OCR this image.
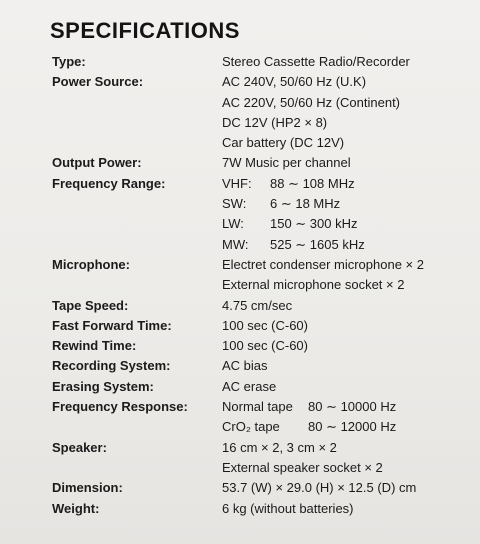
SPECIFICATIONS
Type:	Stereo Cassette Radio/Recorder
Power Source:	AC 240V, 50/60 Hz (U.K)
AC 220V, 50/60 Hz (Continent)
DC 12V (HP2 × 8)
Car battery (DC 12V)
Output Power:	7W Music per channel
Frequency Range:	VHF:	88 ∼ 108 MHz
SW:	6 ∼ 18 MHz
LW:	150 ∼ 300 kHz
MW:	525 ∼ 1605 kHz
Microphone:	Electret condenser microphone × 2
External microphone socket × 2
Tape Speed:	4.75 cm/sec
Fast Forward Time:	100 sec (C-60)
Rewind Time:	100 sec (C-60)
Recording System:	AC bias
Erasing System:	AC erase
Frequency Response:	Normal tape	80 ∼ 10000 Hz
CrO₂ tape	80 ∼ 12000 Hz
Speaker:	16 cm × 2, 3 cm × 2
External speaker socket × 2
Dimension:	53.7 (W) × 29.0 (H) × 12.5 (D) cm
Weight:	6 kg (without batteries)
